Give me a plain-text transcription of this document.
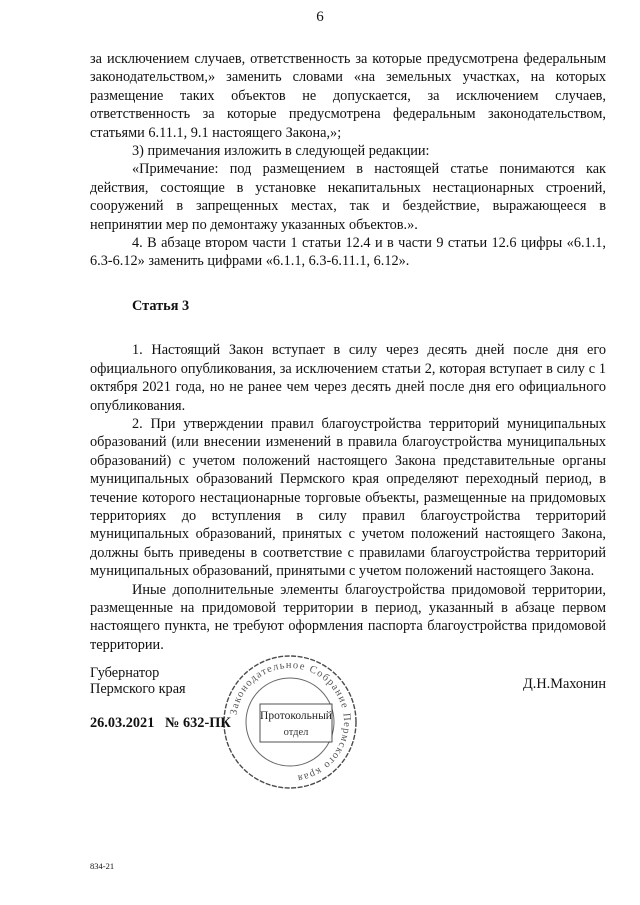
6

за исключением случаев, ответственность за которые предусмотрена федеральным законодательством,» заменить словами «на земельных участках, на которых размещение таких объектов не допускается, за исключением случаев, ответственность за которые предусмотрена федеральным законодательством, статьями 6.11.1, 9.1 настоящего Закона,»;

3) примечания изложить в следующей редакции:

«Примечание: под размещением в настоящей статье понимаются как действия, состоящие в установке некапитальных нестационарных строений, сооружений в запрещенных местах, так и бездействие, выражающееся в непринятии мер по демонтажу указанных объектов.».

4. В абзаце втором части 1 статьи 12.4 и в части 9 статьи 12.6 цифры «6.1.1, 6.3-6.12» заменить цифрами «6.1.1, 6.3-6.11.1, 6.12».

Статья 3

1. Настоящий Закон вступает в силу через десять дней после дня его официального опубликования, за исключением статьи 2, которая вступает в силу с 1 октября 2021 года, но не ранее чем через десять дней после дня его официального опубликования.

2. При утверждении правил благоустройства территорий муниципальных образований (или внесении изменений в правила благоустройства муниципальных образований) с учетом положений настоящего Закона представительные органы муниципальных образований Пермского края определяют переходный период, в течение которого нестационарные торговые объекты, размещенные на придомовых территориях до вступления в силу правил благоустройства территорий муниципальных образований, принятых с учетом положений настоящего Закона, должны быть приведены в соответствие с правилами благоустройства территорий муниципальных образований, принятыми с учетом положений настоящего Закона.

Иные дополнительные элементы благоустройства придомовой территории, размещенные на придомовой территории в период, указанный в абзаце первом настоящего пункта, не требуют оформления паспорта благоустройства придомовой территории.

Губернатор
Пермского края	Д.Н.Махонин
26.03.2021   № 632-ПК
Законодательное Собрание Пермского края
Протокольный
отдел
834-21
